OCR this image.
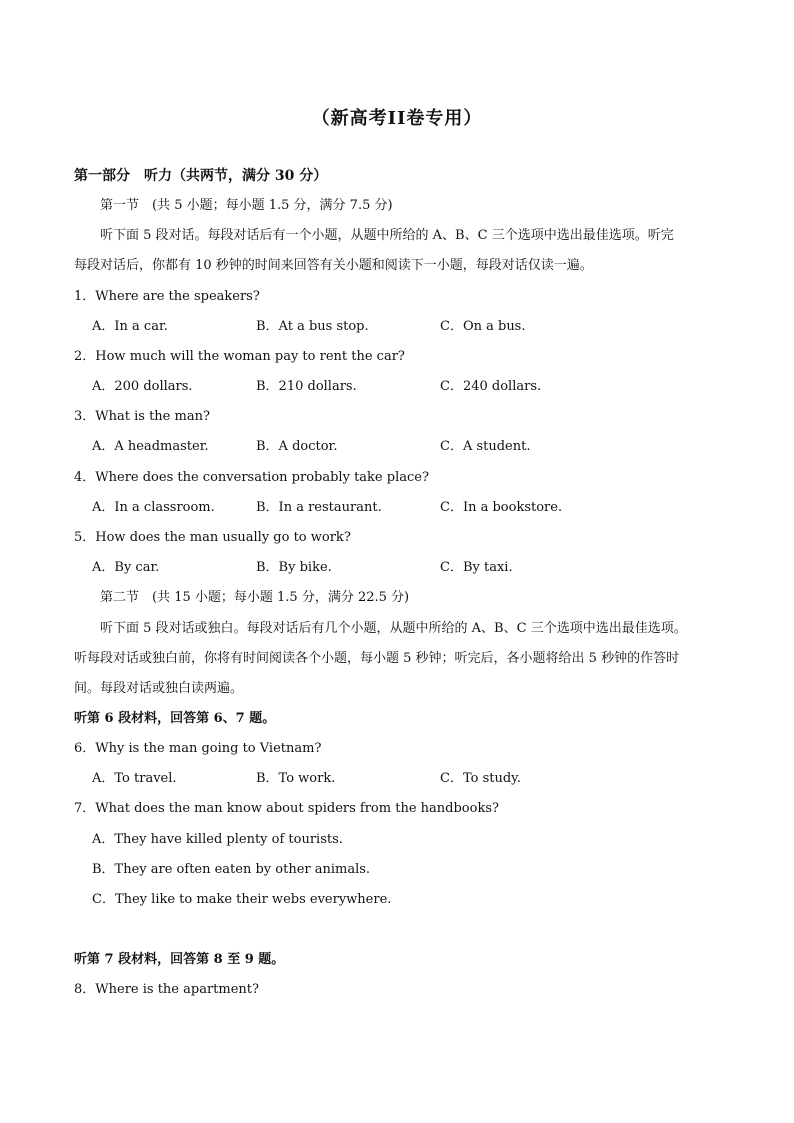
（新高考II卷专用）
第一部分　听力（共两节，满分 30 分）
第一节　(共 5 小题；每小题 1.5 分，满分 7.5 分)
听下面 5 段对话。每段对话后有一个小题，从题中所给的 A、B、C 三个选项中选出最佳选项。听完
每段对话后，你都有 10 秒钟的时间来回答有关小题和阅读下一小题，每段对话仅读一遍。
1．Where are the speakers?
A．In a car.	B．At a bus stop.	C．On a bus.
2．How much will the woman pay to rent the car?
A．200 dollars.	B．210 dollars.	C．240 dollars.
3．What is the man?
A．A headmaster.	B．A doctor.	C．A student.
4．Where does the conversation probably take place?
A．In a classroom.	B．In a restaurant.	C．In a bookstore.
5．How does the man usually go to work?
A．By car.	B．By bike.	C．By taxi.
第二节　(共 15 小题；每小题 1.5 分，满分 22.5 分)
听下面 5 段对话或独白。每段对话后有几个小题，从题中所给的 A、B、C 三个选项中选出最佳选项。
听每段对话或独白前，你将有时间阅读各个小题，每小题 5 秒钟；听完后，各小题将给出 5 秒钟的作答时
间。每段对话或独白读两遍。
听第 6 段材料，回答第 6、7 题。
6．Why is the man going to Vietnam?
A．To travel.	B．To work.	C．To study.
7．What does the man know about spiders from the handbooks?
A．They have killed plenty of tourists.
B．They are often eaten by other animals.
C．They like to make their webs everywhere.
听第 7 段材料，回答第 8 至 9 题。
8．Where is the apartment?
